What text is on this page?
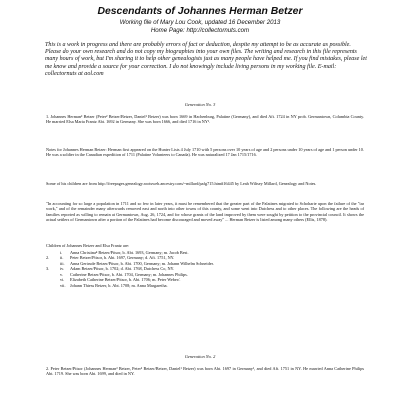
Descendants of Johannes Herman Betzer
Working file of Mary Lou Cook, updated 16 December 2013
Home Page: http://collectornuts.com
This is a work in progress and there are probably errors of fact or deduction, despite my attempt to be as accurate as possible. Please do your own research and do not copy my biographies into your own files. The writing and research in this file represents many hours of work, but I'm sharing it to help other genealogists just as many people have helped me. If you find mistakes, please let me know and provide a source for your correction. I do not knowingly include living persons in my working file. E-mail: collectornuts at aol.com
Generation No. 3
1. Johannes Herman³ Betzer (Peter² Betzer/Betzer, Daniel¹ Betzer) was born 1669 in Hachenburg, Palatine (Germany), and died Aft. 1724 in NY prob. Germantown, Columbia County. He married Elsa Maria Frantz Abt. 1692 in Germany. She was born 1666, and died 1716 in NY¹.
Notes for Johannes Herman Betzer: Herman first appeared on the Hunter Lists 4 July 1710 with 5 persons over 10 years of age and 2 persons under 10 years of age and 1 person under 10. He was a soldier in the Canadian expedition of 1711 (Palatine Volunteers to Canada). He was naturalized 17 Jan 1715/1716.
Some of his children are from http://freepages.genealogy.rootsweb.ancestry.com/~millard/pafg715.htm#16445 by Leah Wiltsey Millard, Genealogy and Notes.
"In accounting for so large a population in 1711 and so few in later years, it must be remembered that the greater part of the Palatines migrated to Schoharie upon the failure of the "tar work," and of the remainder many afterwards removed east and north into other towns of this county, and some went into Dutchess and to other places. The following are the heads of families reported as willing to remain at Germantown, Aug. 26, 1724, and for whose grants of the land improved by them were sought by petition to the provincial council. It shows the actual settlers of Germantown after a portion of the Palatines had become discouraged and moved away" ... Herman Betzer is listed among many others (Ellis, 1878).
Children of Johannes Betzer and Elsa Frantz are:
i. Anna Christina⁴ Betzer/Pitsor, b. Abt. 1693, Germany; m. Jacob Best.
2.	ii. Peter Betzer/Pitsor, b. Abt. 1697, Germany; d. Aft. 1751, NY.
iii. Anna Gertrude Betzer/Pitsor, b. Abt. 1700, Germany; m. Johann Wilhelm Schneider.
3.	iv. Adam Betzer/Pitsor, b. 1702; d. Abt. 1768, Dutchess Co, NY.
v. Catherine Betzer/Pitsor, b. Abt. 1704, Germany; m. Johannes Philips.
vi. Elizabeth Catherine Betzer/Pitsor, b. Abt. 1706; m. Peter Weber/.
vii. Johann Thiess Betzer, b. Abt. 1708; m. Anna Margaretha.
Generation No. 2
2. Peter Betzer/Pitsor (Johannes Herman³ Betzer, Peter² Betzer/Betzer, Daniel¹ Betzer) was born Abt. 1697 in Germany¹, and died Aft. 1751 in NY. He married Anna Catherine Philips Abt. 1719. She was born Abt. 1699, and died in NY.
